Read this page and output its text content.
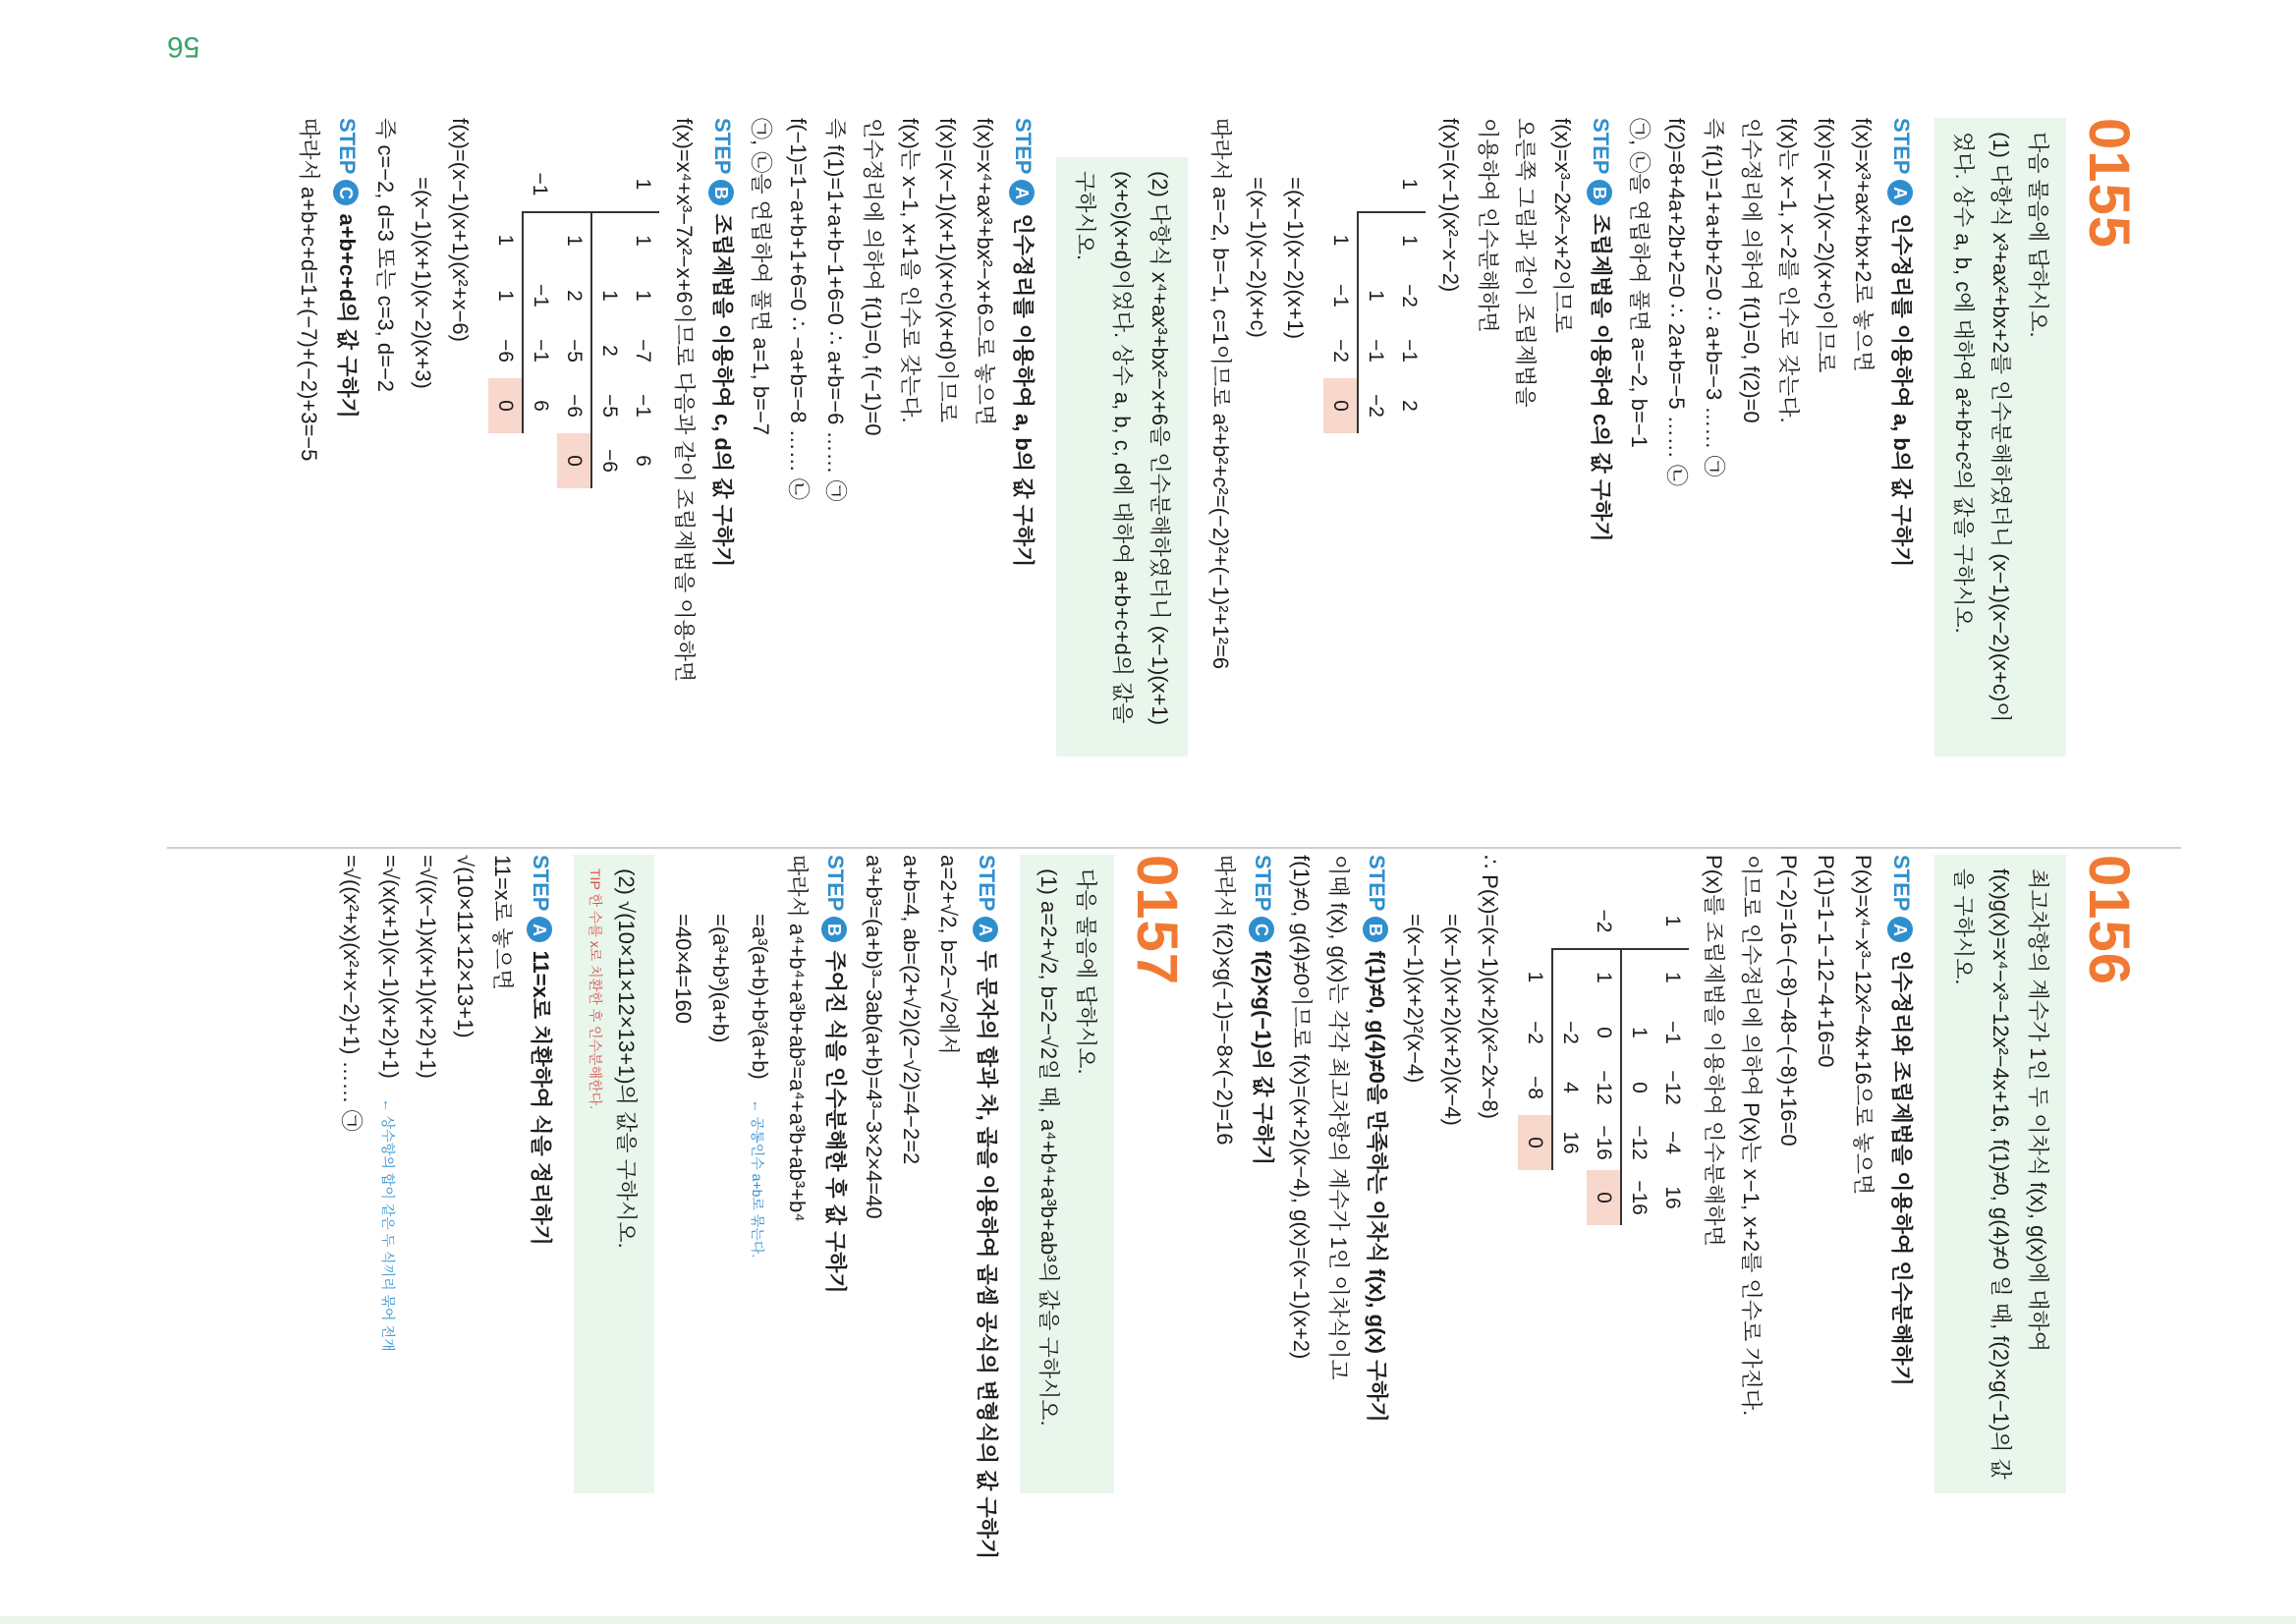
56
0155
다음 물음에 답하시오.
(1) 다항식 x³+ax²+bx+2를 인수분해하였더니 (x−1)(x−2)(x+c)이었다. 상수 a, b, c에 대하여 a²+b²+c²의 값을 구하시오.
STEPA인수정리를 이용하여 a, b의 값 구하기
f(x)=x³+ax²+bx+2로 놓으면
f(x)=(x−1)(x−2)(x+c)이므로
f(x)는 x−1, x−2를 인수로 갖는다.
인수정리에 의하여 f(1)=0, f(2)=0
즉 f(1)=1+a+b+2=0 ∴ a+b=−3 …… ㉠
f(2)=8+4a+2b+2=0 ∴ 2a+b=−5 …… ㉡
㉠, ㉡을 연립하여 풀면 a=−2, b=−1
STEPB조립제법을 이용하여 c의 값 구하기
f(x)=x³−2x²−x+2이므로
오른쪽 그림과 같이 조립제법을
이용하여 인수분해하면
f(x)=(x−1)(x²−x−2)
1	1	−2	−1	2
		1	−1	−2
	1	−1	−2	0
=(x−1)(x−2)(x+1)
=(x−1)(x−2)(x+c)
따라서 a=−2, b=−1, c=1이므로 a²+b²+c²=(−2)²+(−1)²+1²=6
(2) 다항식 x⁴+ax³+bx²−x+6을 인수분해하였더니 (x−1)(x+1)(x+c)(x+d)이었다. 상수 a, b, c, d에 대하여 a+b+c+d의 값을 구하시오.
STEPA인수정리를 이용하여 a, b의 값 구하기
f(x)=x⁴+ax³+bx²−x+6으로 놓으면
f(x)=(x−1)(x+1)(x+c)(x+d)이므로
f(x)는 x−1, x+1을 인수로 갖는다.
인수정리에 의하여 f(1)=0, f(−1)=0
즉 f(1)=1+a+b−1+6=0 ∴ a+b=−6 …… ㉠
f(−1)=1−a+b+1+6=0 ∴ −a+b=−8 …… ㉡
㉠, ㉡을 연립하여 풀면 a=1, b=−7
STEPB조립제법을 이용하여 c, d의 값 구하기
f(x)=x⁴+x³−7x²−x+6이므로 다음과 같이 조립제법을 이용하면
1	1	1	−7	−1	6
		1	2	−5	−6
	1	2	−5	−6	0
−1		−1	−1	6	
	1	1	−6	0	
f(x)=(x−1)(x+1)(x²+x−6)
=(x−1)(x+1)(x−2)(x+3)
즉 c=−2, d=3 또는 c=3, d=−2
STEPCa+b+c+d의 값 구하기
따라서 a+b+c+d=1+(−7)+(−2)+3=−5
0156
최고차항의 계수가 1인 두 이차식 f(x), g(x)에 대하여 f(x)g(x)=x⁴−x³−12x²−4x+16, f(1)≠0, g(4)≠0 일 때, f(2)×g(−1)의 값을 구하시오.
STEPA인수정리와 조립제법을 이용하여 인수분해하기
P(x)=x⁴−x³−12x²−4x+16으로 놓으면
P(1)=1−1−12−4+16=0
P(−2)=16−(−8)−48−(−8)+16=0
이므로 인수정리에 의하여 P(x)는 x−1, x+2를 인수로 가진다.
P(x)를 조립제법을 이용하여 인수분해하면
1	1	−1	−12	−4	16
		1	0	−12	−16
−2	1	0	−12	−16	0
		−2	4	16	
	1	−2	−8	0	
∴ P(x)=(x−1)(x+2)(x²−2x−8)
=(x−1)(x+2)(x+2)(x−4)
=(x−1)(x+2)²(x−4)
STEPBf(1)≠0, g(4)≠0을 만족하는 이차식 f(x), g(x) 구하기
이때 f(x), g(x)는 각각 최고차항의 계수가 1인 이차식이고
f(1)≠0, g(4)≠0이므로 f(x)=(x+2)(x−4), g(x)=(x−1)(x+2)
STEPCf(2)×g(−1)의 값 구하기
따라서 f(2)×g(−1)=−8×(−2)=16
0157
다음 물음에 답하시오.
(1) a=2+√2, b=2−√2일 때, a⁴+b⁴+a³b+ab³의 값을 구하시오.
STEPA두 문자의 합과 차, 곱을 이용하여 곱셈 공식의 변형식의 값 구하기
a=2+√2, b=2−√2에서
a+b=4, ab=(2+√2)(2−√2)=4−2=2
a³+b³=(a+b)³−3ab(a+b)=4³−3×2×4=40
STEPB주어진 식을 인수분해한 후 값 구하기
따라서 a⁴+b⁴+a³b+ab³=a⁴+a³b+ab³+b⁴
=a³(a+b)+b³(a+b)← 공통인수 a+b로 묶는다.
=(a³+b³)(a+b)
=40×4=160
(2) √(10×11×12×13+1)의 값을 구하시오.
TIP 한 수를 x로 치환한 후 인수분해한다.
STEPA11=x로 치환하여 식을 정리하기
11=x로 놓으면
√(10×11×12×13+1)
=√((x−1)x(x+1)(x+2)+1)
=√(x(x+1)(x−1)(x+2)+1)← 상수항의 합이 같은 두 식끼리 묶어 전개
=√((x²+x)(x²+x−2)+1) …… ㉠
